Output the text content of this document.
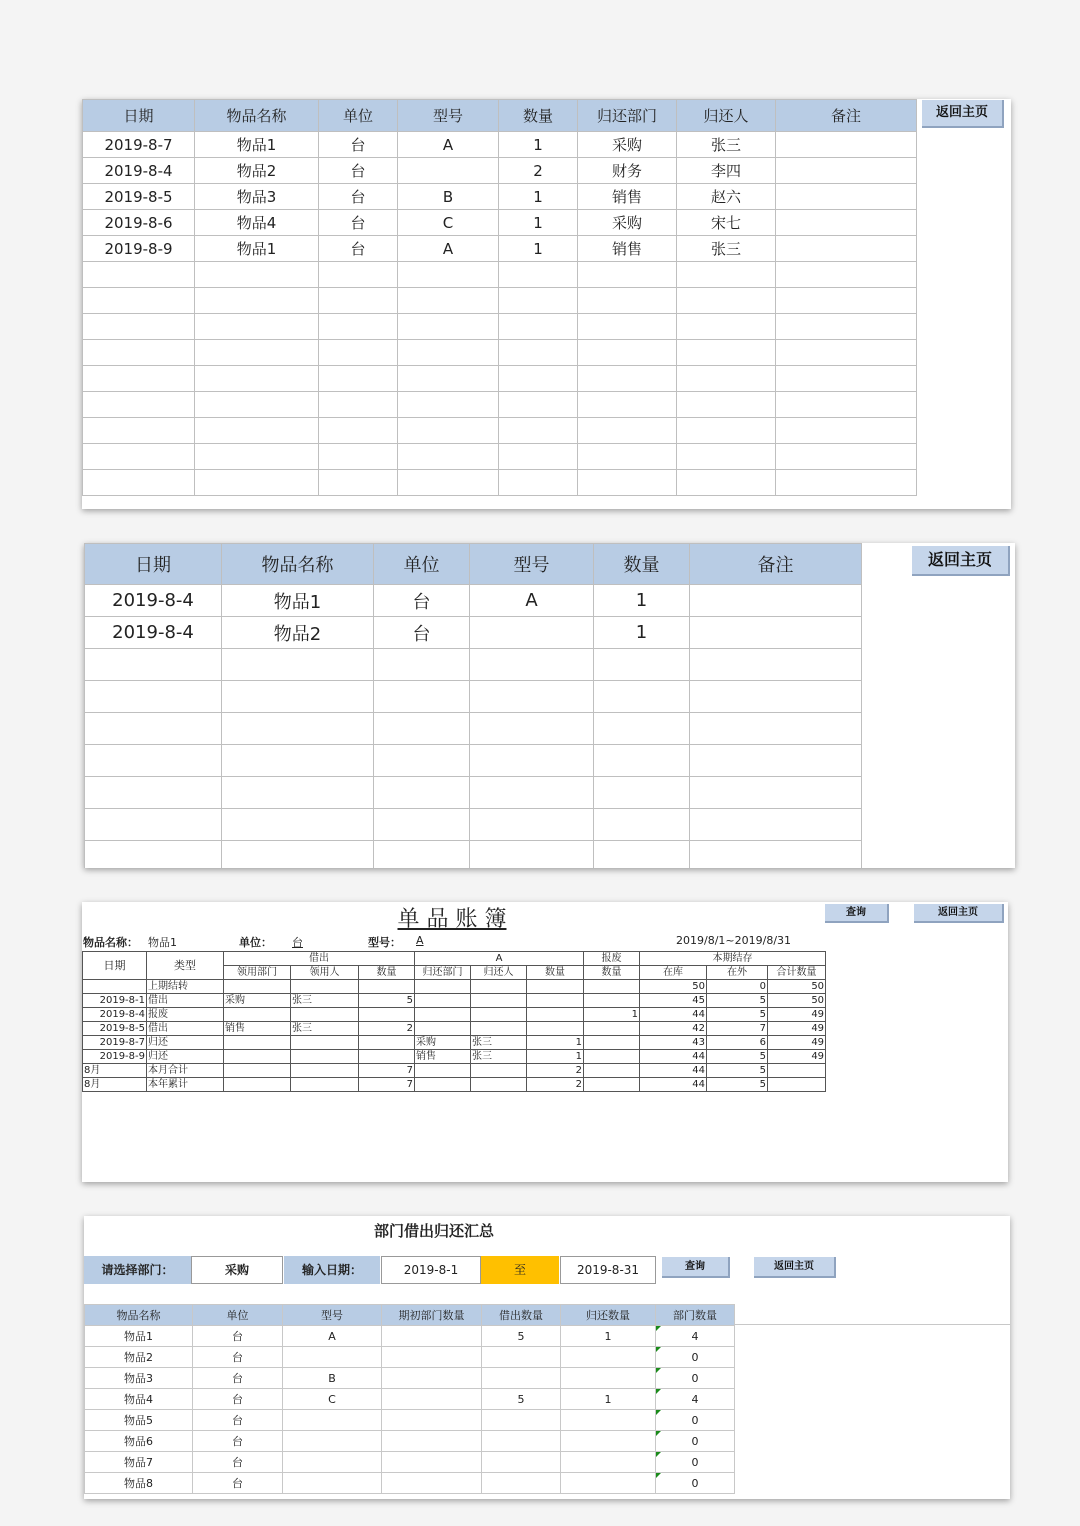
日期	物品名称	单位	型号	数量	归还部门	归还人	备注
2019-8-7	物品1	台	A	1	采购	张三	
2019-8-4	物品2	台		2	财务	李四	
2019-8-5	物品3	台	B	1	销售	赵六	
2019-8-6	物品4	台	C	1	采购	宋七	
2019-8-9	物品1	台	A	1	销售	张三	

返回主页
日期	物品名称	单位	型号	数量	备注
2019-8-4	物品1	台	A	1	
2019-8-4	物品2	台		1	

返回主页
单 品 账 簿	查询	返回主页
物品名称： 物品1	单位： 台	型号： A	2019/8/1~2019/8/31
日期	类型	借出			A			报废	本期结存		
		领用部门	领用人	数量	归还部门	归还人	数量	数量	在库	在外	合计数量
	上期结转								50	0	50
2019-8-1	借出	采购	张三	5					45	5	50
2019-8-4	报废							1	44	5	49
2019-8-5	借出	销售	张三	2					42	7	49
2019-8-7	归还				采购	张三	1		43	6	49
2019-8-9	归还				销售	张三	1		44	5	49
8月	本月合计			7			2		44	5	
8月	本年累计			7			2		44	5	
部门借出归还汇总
请选择部门：	采购	输入日期：	2019-8-1	至	2019-8-31	查询	返回主页
物品名称	单位	型号	期初部门数量	借出数量	归还数量	部门数量
物品1	台	A		5	1	4

物品2	台					0

物品3	台	B				0

物品4	台	C		5	1	4

物品5	台					0

物品6	台					0

物品7	台					0

物品8	台					0
